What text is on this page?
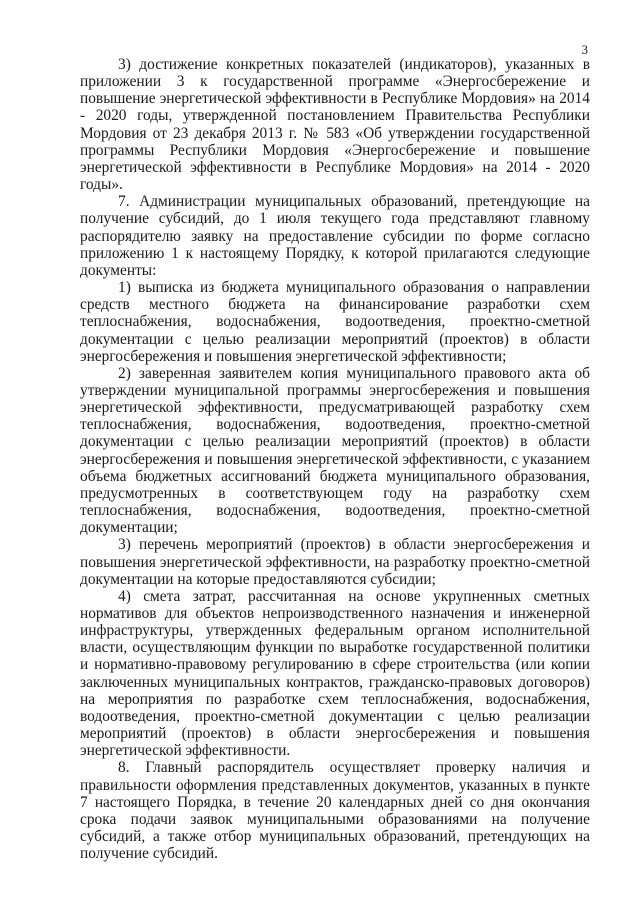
3

3) достижение конкретных показателей (индикаторов), указанных в приложении 3 к государственной программе «Энергосбережение и повышение энергетической эффективности в Республике Мордовия» на 2014 - 2020 годы, утвержденной постановлением Правительства Республики Мордовия от 23 декабря 2013 г. № 583 «Об утверждении государственной программы Республики Мордовия «Энергосбережение и повышение энергетической эффективности в Республике Мордовия» на 2014 - 2020 годы».

7. Администрации муниципальных образований, претендующие на получение субсидий, до 1 июля текущего года представляют главному распорядителю заявку на предоставление субсидии по форме согласно приложению 1 к настоящему Порядку, к которой прилагаются следующие документы:

1) выписка из бюджета муниципального образования о направлении средств местного бюджета на финансирование разработки схем теплоснабжения, водоснабжения, водоотведения, проектно-сметной документации с целью реализации мероприятий (проектов) в области энергосбережения и повышения энергетической эффективности;

2) заверенная заявителем копия муниципального правового акта об утверждении муниципальной программы энергосбережения и повышения энергетической эффективности, предусматривающей разработку схем теплоснабжения, водоснабжения, водоотведения, проектно-сметной документации с целью реализации мероприятий (проектов) в области энергосбережения и повышения энергетической эффективности, с указанием объема бюджетных ассигнований бюджета муниципального образования, предусмотренных в соответствующем году на разработку схем теплоснабжения, водоснабжения, водоотведения, проектно-сметной документации;

3) перечень мероприятий (проектов) в области энергосбережения и повышения энергетической эффективности, на разработку проектно-сметной документации на которые предоставляются субсидии;

4) смета затрат, рассчитанная на основе укрупненных сметных нормативов для объектов непроизводственного назначения и инженерной инфраструктуры, утвержденных федеральным органом исполнительной власти, осуществляющим функции по выработке государственной политики и нормативно-правовому регулированию в сфере строительства (или копии заключенных муниципальных контрактов, гражданско-правовых договоров) на мероприятия по разработке схем теплоснабжения, водоснабжения, водоотведения, проектно-сметной документации с целью реализации мероприятий (проектов) в области энергосбережения и повышения энергетической эффективности.

8. Главный распорядитель осуществляет проверку наличия и правильности оформления представленных документов, указанных в пункте 7 настоящего Порядка, в течение 20 календарных дней со дня окончания срока подачи заявок муниципальными образованиями на получение субсидий, а также отбор муниципальных образований, претендующих на получение субсидий.
